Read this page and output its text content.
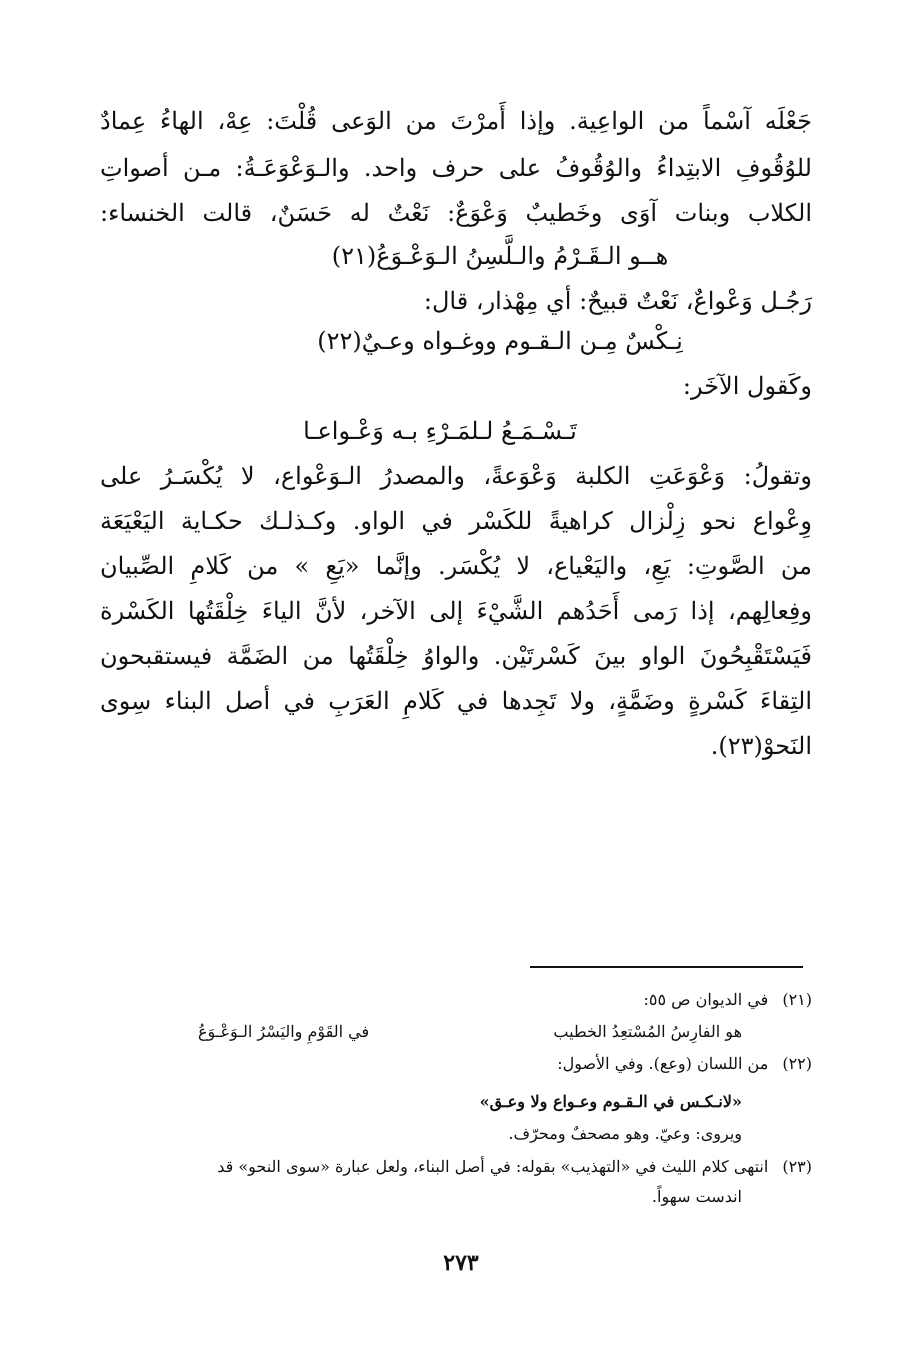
جَعْلَه آسْماً من الواعِية. وإذا أَمرْتَ من الوَعى قُلْتَ: عِهْ، الهاءُ عِمادٌ
للوُقُوفِ الابتِداءُ والوُقُوفُ على حرف واحد. والـوَعْوَعَـةُ: مـن أصواتِ
الكلاب وبنات آوَى وخَطيبٌ وَعْوَعٌ: نَعْتٌ له حَسَنٌ، قالت الخنساء:
هــو الـقَـرْمُ والـلَّسِنُ الـوَعْـوَعُ(٢١)
رَجُـل وَعْواعٌ، نَعْتٌ قبيحٌ: أي مِهْذار، قال:
نِـكْسٌ مِـن الـقـوم ووغـواه وعـيٌ(٢٢)
وكَقول الآخَر:
تَـسْـمَـعُ لـلمَـرْءِ بـه وَعْـواعـا
وتقولُ: وَعْوَعَتِ الكلبة وَعْوَعةً، والمصدرُ الـوَعْواع، لا يُكْسَـرُ على
وِعْواع نحو زِلْزال كراهيةً للكَسْر في الواو. وكـذلـك حكـاية اليَعْيَعَة
من الصَّوتِ: يَعِ، واليَعْياع، لا يُكْسَر. وإنَّما «يَعِ » من كَلامِ الصِّبيان
وفِعالِهم، إذا رَمى أَحَدُهم الشَّيْءَ إلى الآخر، لأنَّ الياءَ خِلْقَتُها الكَسْرة
فَيَسْتَقْبِحُونَ الواو بينَ كَسْرتَيْن. والواوُ خِلْقَتُها من الضَمَّة فيستقبحون
التِقاءَ كَسْرةٍ وضَمَّةٍ، ولا تَجِدها في كَلامِ العَرَبِ في أصل البناء سِوى
النَحوْ(٢٣).
(٢١)في الديوان ص ٥٥:
هو الفارِسُ المُسْتعِدُ الخطيب
في القَوْمِ واليَسْرُ الـوَعْـوَعُ
(٢٢)من اللسان (وعع). وفي الأصول:
«لانـكـس في الـقـوم وعـواع ولا وعـق»
ويروى: وعيّ. وهو مصحفٌ ومحرّف.
(٢٣)انتهى كلام الليث في «التهذيب» بقوله: في أصل البناء، ولعل عبارة «سوى النحو» قد
اندست سهواً.
٢٧٣
